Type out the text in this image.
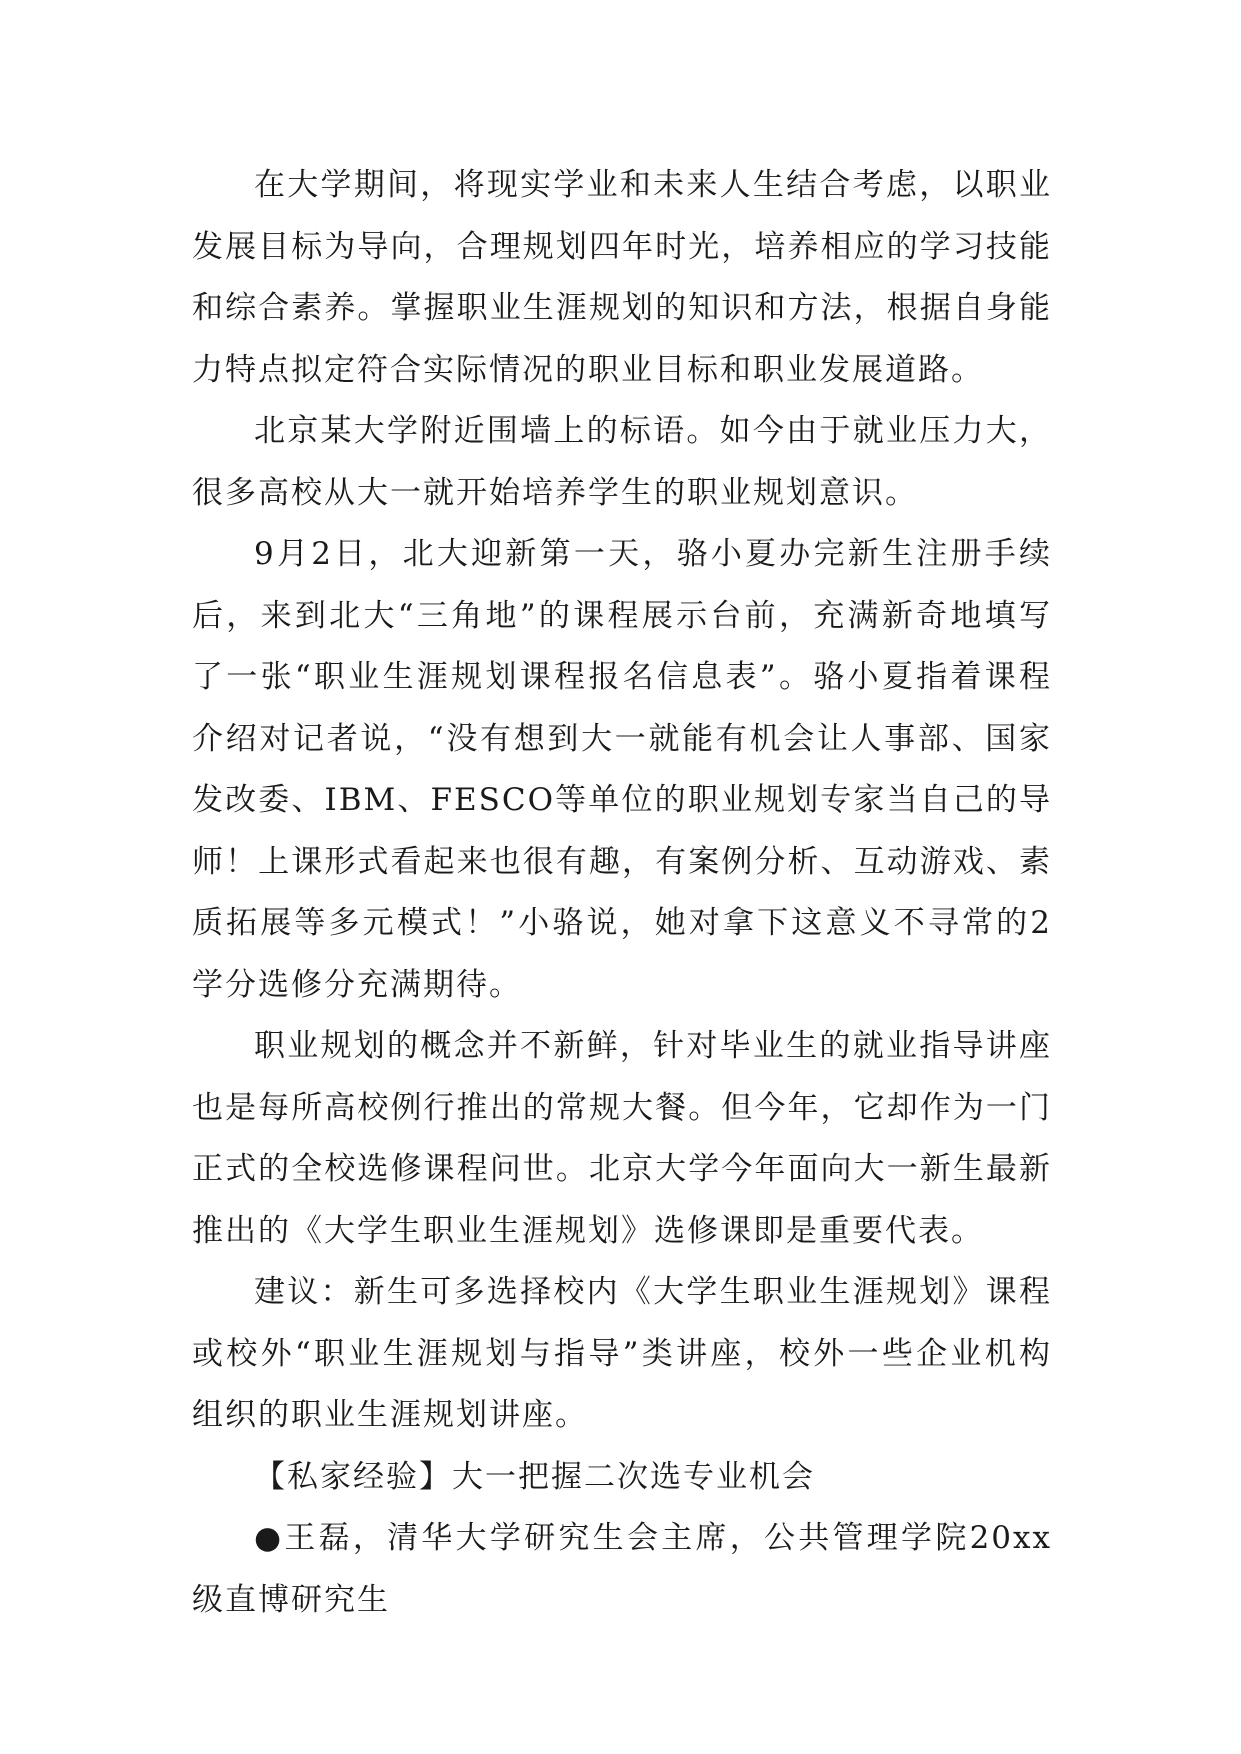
在大学期间，将现实学业和未来人生结合考虑，以职业发展目标为导向，合理规划四年时光，培养相应的学习技能和综合素养。掌握职业生涯规划的知识和方法，根据自身能力特点拟定符合实际情况的职业目标和职业发展道路。

北京某大学附近围墙上的标语。如今由于就业压力大，很多高校从大一就开始培养学生的职业规划意识。

9月2日，北大迎新第一天，骆小夏办完新生注册手续后，来到北大“三角地”的课程展示台前，充满新奇地填写了一张“职业生涯规划课程报名信息表”。骆小夏指着课程介绍对记者说，“没有想到大一就能有机会让人事部、国家发改委、IBM、FESCO等单位的职业规划专家当自己的导师！上课形式看起来也很有趣，有案例分析、互动游戏、素质拓展等多元模式！”小骆说，她对拿下这意义不寻常的2学分选修分充满期待。

职业规划的概念并不新鲜，针对毕业生的就业指导讲座也是每所高校例行推出的常规大餐。但今年，它却作为一门正式的全校选修课程问世。北京大学今年面向大一新生最新推出的《大学生职业生涯规划》选修课即是重要代表。

建议：新生可多选择校内《大学生职业生涯规划》课程或校外“职业生涯规划与指导”类讲座，校外一些企业机构组织的职业生涯规划讲座。

【私家经验】大一把握二次选专业机会

●王磊，清华大学研究生会主席，公共管理学院20xx级直博研究生
